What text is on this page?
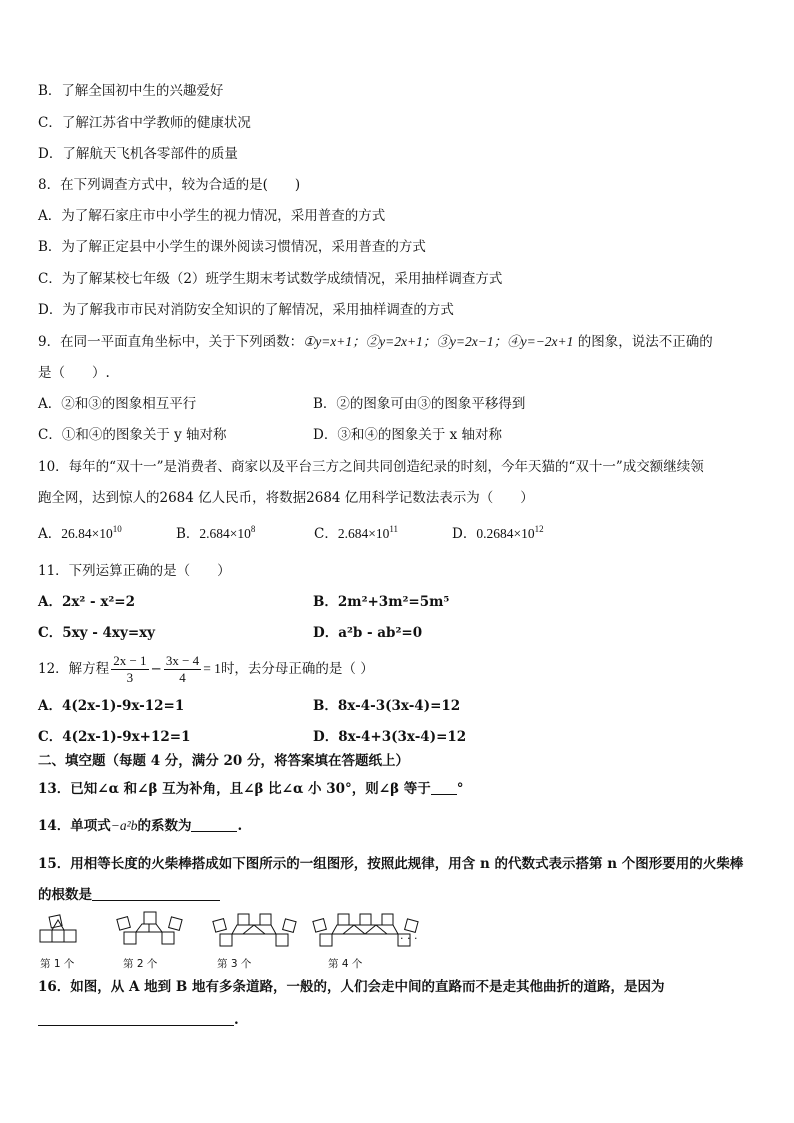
B．了解全国初中生的兴趣爱好
C．了解江苏省中学教师的健康状况
D．了解航天飞机各零部件的质量
8．在下列调查方式中，较为合适的是(　　)
A．为了解石家庄市中小学生的视力情况，采用普查的方式
B．为了解正定县中小学生的课外阅读习惯情况，采用普查的方式
C．为了解某校七年级（2）班学生期末考试数学成绩情况，采用抽样调查方式
D．为了解我市市民对消防安全知识的了解情况，采用抽样调查的方式
9．在同一平面直角坐标中，关于下列函数：①y=x+1；②y=2x+1；③y=2x−1；④y=−2x+1 的图象，说法不正确的
是（　　）.
A．②和③的图象相互平行	B．②的图象可由③的图象平移得到
C．①和④的图象关于 y 轴对称	D．③和④的图象关于 x 轴对称
10．每年的“双十一”是消费者、商家以及平台三方之间共同创造纪录的时刻，今年天猫的“双十一”成交额继续领
跑全网，达到惊人的2684 亿人民币，将数据2684 亿用科学记数法表示为（　　）
A．$26.84\times 10^{10}$	B．$2.684\times 10^8$	C．$2.684\times 10^{11}$	D．$0.2684\times 10^{12}$
11．下列运算正确的是（　　）
A．2x² - x²=2	B．2m²+3m²=5m⁵
C．5xy - 4xy=xy	D．a²b - ab²=0
12．解方程 $\frac{2x - 1}{3} - \frac{3x - 4}{4} = 1$时，去分母正确的是（ ）
A．4(2x-1)-9x-12=1	B．8x-4-3(3x-4)=12
C．4(2x-1)-9x+12=1	D．8x-4+3(3x-4)=12
二、填空题（每题 4 分，满分 20 分，将答案填在答题纸上）
13．已知∠α 和∠β 互为补角，且∠β 比∠α 小 30°，则∠β 等于 °
14．单项式−a²b的系数为	.
15．用相等长度的火柴棒搭成如下图所示的一组图形，按照此规律，用含 n 的代数式表示搭第 n 个图形要用的火柴棒
的根数是
· · ·
第 1 个	第 2 个	第 3 个	第 4 个
16．如图，从 A 地到 B 地有多条道路，一般的，人们会走中间的直路而不是走其他曲折的道路，是因为
.
